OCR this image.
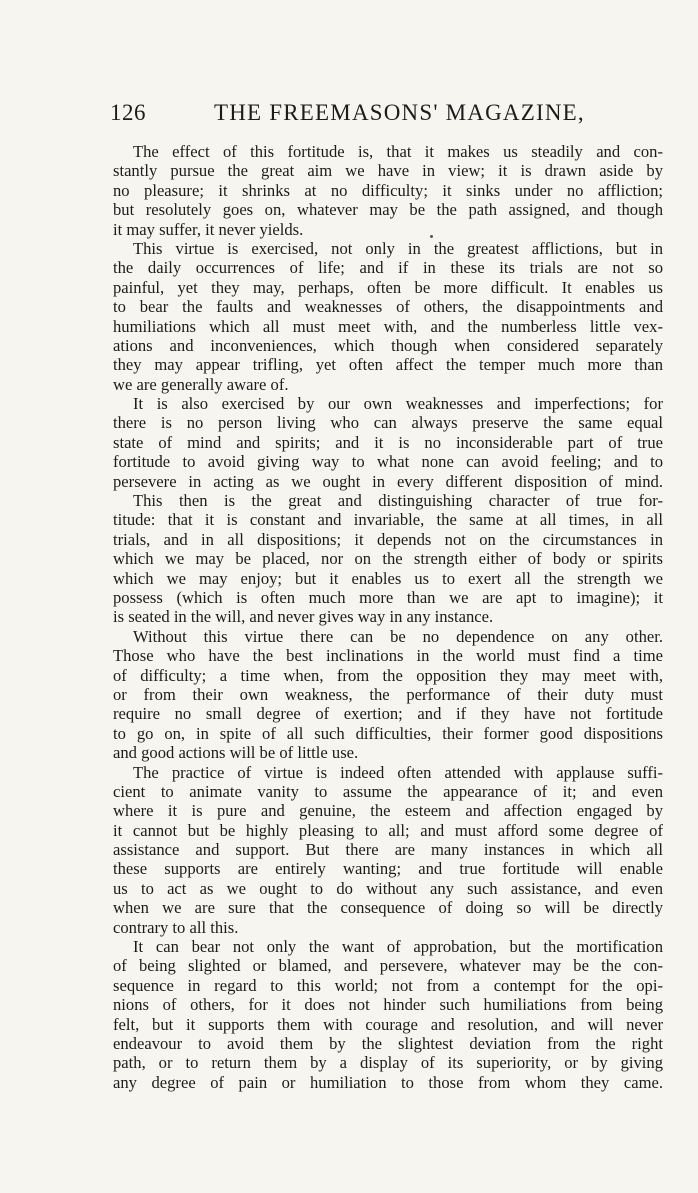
126	THE FREEMASONS' MAGAZINE,
The effect of this fortitude is, that it makes us steadily and con-
stantly pursue the great aim we have in view; it is drawn aside by
no pleasure; it shrinks at no difficulty; it sinks under no affliction;
but resolutely goes on, whatever may be the path assigned, and though
it may suffer, it never yields.
This virtue is exercised, not only in the greatest afflictions, but in
the daily occurrences of life; and if in these its trials are not so
painful, yet they may, perhaps, often be more difficult. It enables us
to bear the faults and weaknesses of others, the disappointments and
humiliations which all must meet with, and the numberless little vex-
ations and inconveniences, which though when considered separately
they may appear trifling, yet often affect the temper much more than
we are generally aware of.
It is also exercised by our own weaknesses and imperfections; for
there is no person living who can always preserve the same equal
state of mind and spirits; and it is no inconsiderable part of true
fortitude to avoid giving way to what none can avoid feeling; and to
persevere in acting as we ought in every different disposition of mind.
This then is the great and distinguishing character of true for-
titude: that it is constant and invariable, the same at all times, in all
trials, and in all dispositions; it depends not on the circumstances in
which we may be placed, nor on the strength either of body or spirits
which we may enjoy; but it enables us to exert all the strength we
possess (which is often much more than we are apt to imagine); it
is seated in the will, and never gives way in any instance.
Without this virtue there can be no dependence on any other.
Those who have the best inclinations in the world must find a time
of difficulty; a time when, from the opposition they may meet with,
or from their own weakness, the performance of their duty must
require no small degree of exertion; and if they have not fortitude
to go on, in spite of all such difficulties, their former good dispositions
and good actions will be of little use.
The practice of virtue is indeed often attended with applause suffi-
cient to animate vanity to assume the appearance of it; and even
where it is pure and genuine, the esteem and affection engaged by
it cannot but be highly pleasing to all; and must afford some degree of
assistance and support. But there are many instances in which all
these supports are entirely wanting; and true fortitude will enable
us to act as we ought to do without any such assistance, and even
when we are sure that the consequence of doing so will be directly
contrary to all this.
It can bear not only the want of approbation, but the mortification
of being slighted or blamed, and persevere, whatever may be the con-
sequence in regard to this world; not from a contempt for the opi-
nions of others, for it does not hinder such humiliations from being
felt, but it supports them with courage and resolution, and will never
endeavour to avoid them by the slightest deviation from the right
path, or to return them by a display of its superiority, or by giving
any degree of pain or humiliation to those from whom they came.
